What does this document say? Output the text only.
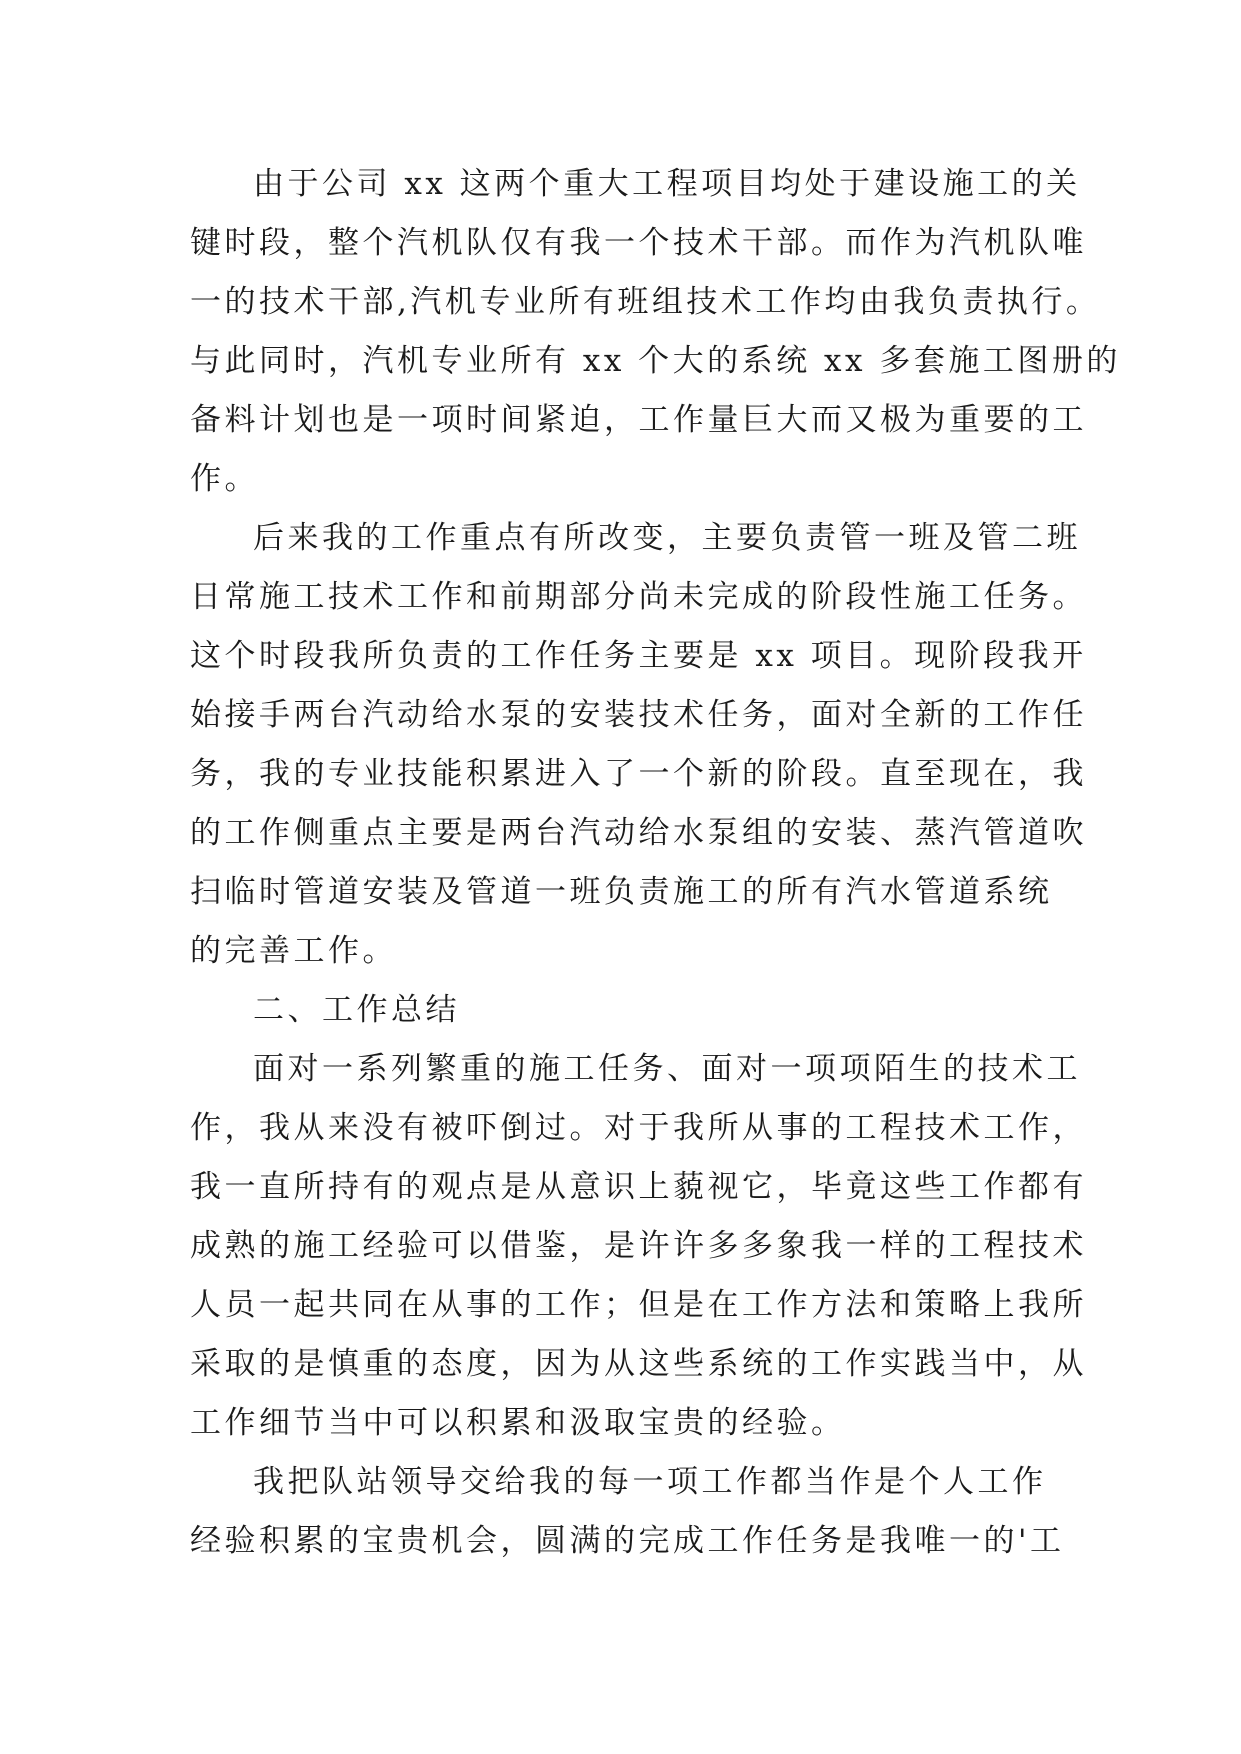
由于公司 xx 这两个重大工程项目均处于建设施工的关
键时段，整个汽机队仅有我一个技术干部。而作为汽机队唯
一的技术干部,汽机专业所有班组技术工作均由我负责执行。
与此同时，汽机专业所有 xx 个大的系统 xx 多套施工图册的
备料计划也是一项时间紧迫，工作量巨大而又极为重要的工
作。
后来我的工作重点有所改变，主要负责管一班及管二班
日常施工技术工作和前期部分尚未完成的阶段性施工任务。
这个时段我所负责的工作任务主要是 xx 项目。现阶段我开
始接手两台汽动给水泵的安装技术任务，面对全新的工作任
务，我的专业技能积累进入了一个新的阶段。直至现在，我
的工作侧重点主要是两台汽动给水泵组的安装、蒸汽管道吹
扫临时管道安装及管道一班负责施工的所有汽水管道系统
的完善工作。
二、工作总结
面对一系列繁重的施工任务、面对一项项陌生的技术工
作，我从来没有被吓倒过。对于我所从事的工程技术工作，
我一直所持有的观点是从意识上藐视它，毕竟这些工作都有
成熟的施工经验可以借鉴，是许许多多象我一样的工程技术
人员一起共同在从事的工作；但是在工作方法和策略上我所
采取的是慎重的态度，因为从这些系统的工作实践当中，从
工作细节当中可以积累和汲取宝贵的经验。
我把队站领导交给我的每一项工作都当作是个人工作
经验积累的宝贵机会，圆满的完成工作任务是我唯一的'工
